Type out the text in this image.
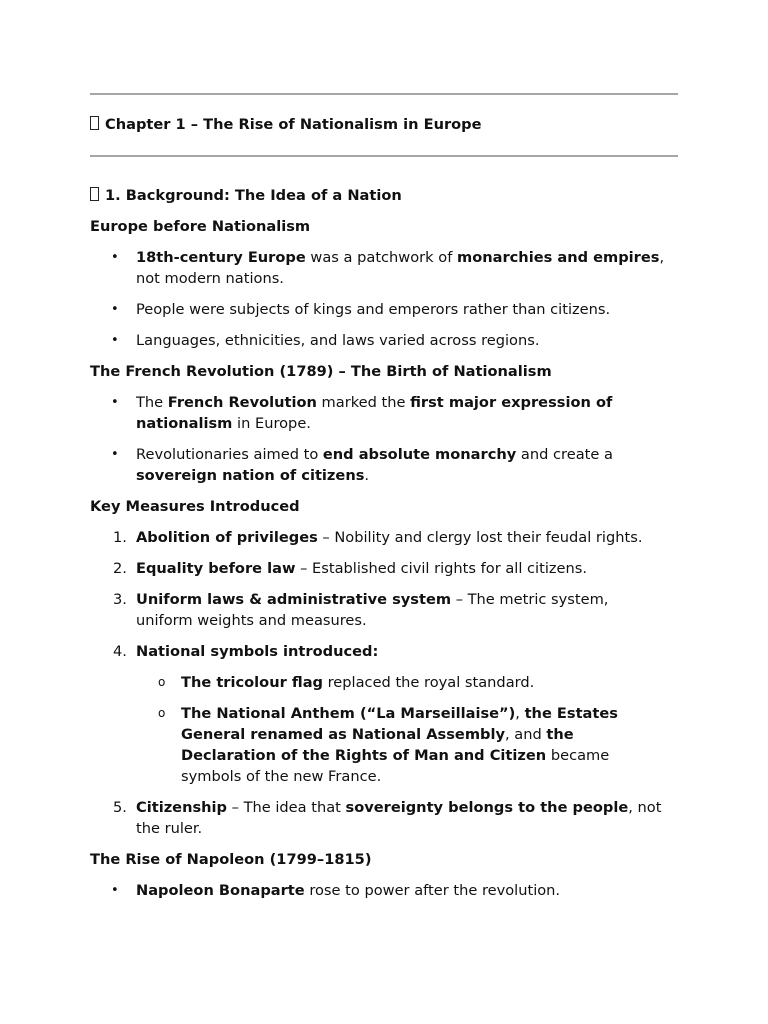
Chapter 1 – The Rise of Nationalism in Europe
1. Background: The Idea of a Nation
Europe before Nationalism
• 18th-century Europe was a patchwork of monarchies and empires, not modern nations.
• People were subjects of kings and emperors rather than citizens.
• Languages, ethnicities, and laws varied across regions.
The French Revolution (1789) – The Birth of Nationalism
• The French Revolution marked the first major expression of nationalism in Europe.
• Revolutionaries aimed to end absolute monarchy and create a sovereign nation of citizens.
Key Measures Introduced
1. Abolition of privileges – Nobility and clergy lost their feudal rights.
2. Equality before law – Established civil rights for all citizens.
3. Uniform laws & administrative system – The metric system, uniform weights and measures.
4. National symbols introduced:
o The tricolour flag replaced the royal standard.
o The National Anthem (“La Marseillaise”), the Estates General renamed as National Assembly, and the Declaration of the Rights of Man and Citizen became symbols of the new France.
5. Citizenship – The idea that sovereignty belongs to the people, not the ruler.
The Rise of Napoleon (1799–1815)
• Napoleon Bonaparte rose to power after the revolution.
